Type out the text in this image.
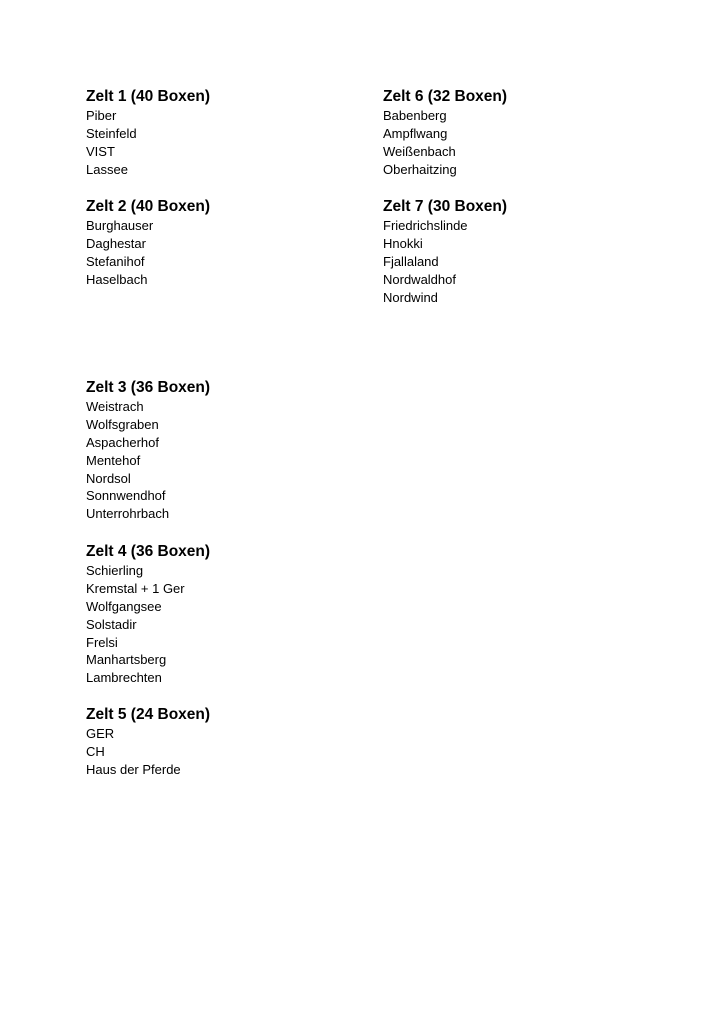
Zelt 1 (40 Boxen)
Piber
Steinfeld
VIST
Lassee
Zelt 2 (40 Boxen)
Burghauser
Daghestar
Stefanihof
Haselbach
Zelt 3 (36 Boxen)
Weistrach
Wolfsgraben
Aspacherhof
Mentehof
Nordsol
Sonnwendhof
Unterrohrbach
Zelt 4 (36 Boxen)
Schierling
Kremstal + 1 Ger
Wolfgangsee
Solstadir
Frelsi
Manhartsberg
Lambrechten
Zelt 5 (24 Boxen)
GER
CH
Haus der Pferde
Zelt 6 (32 Boxen)
Babenberg
Ampflwang
Weißenbach
Oberhaitzing
Zelt 7 (30 Boxen)
Friedrichslinde
Hnokki
Fjallaland
Nordwaldhof
Nordwind
